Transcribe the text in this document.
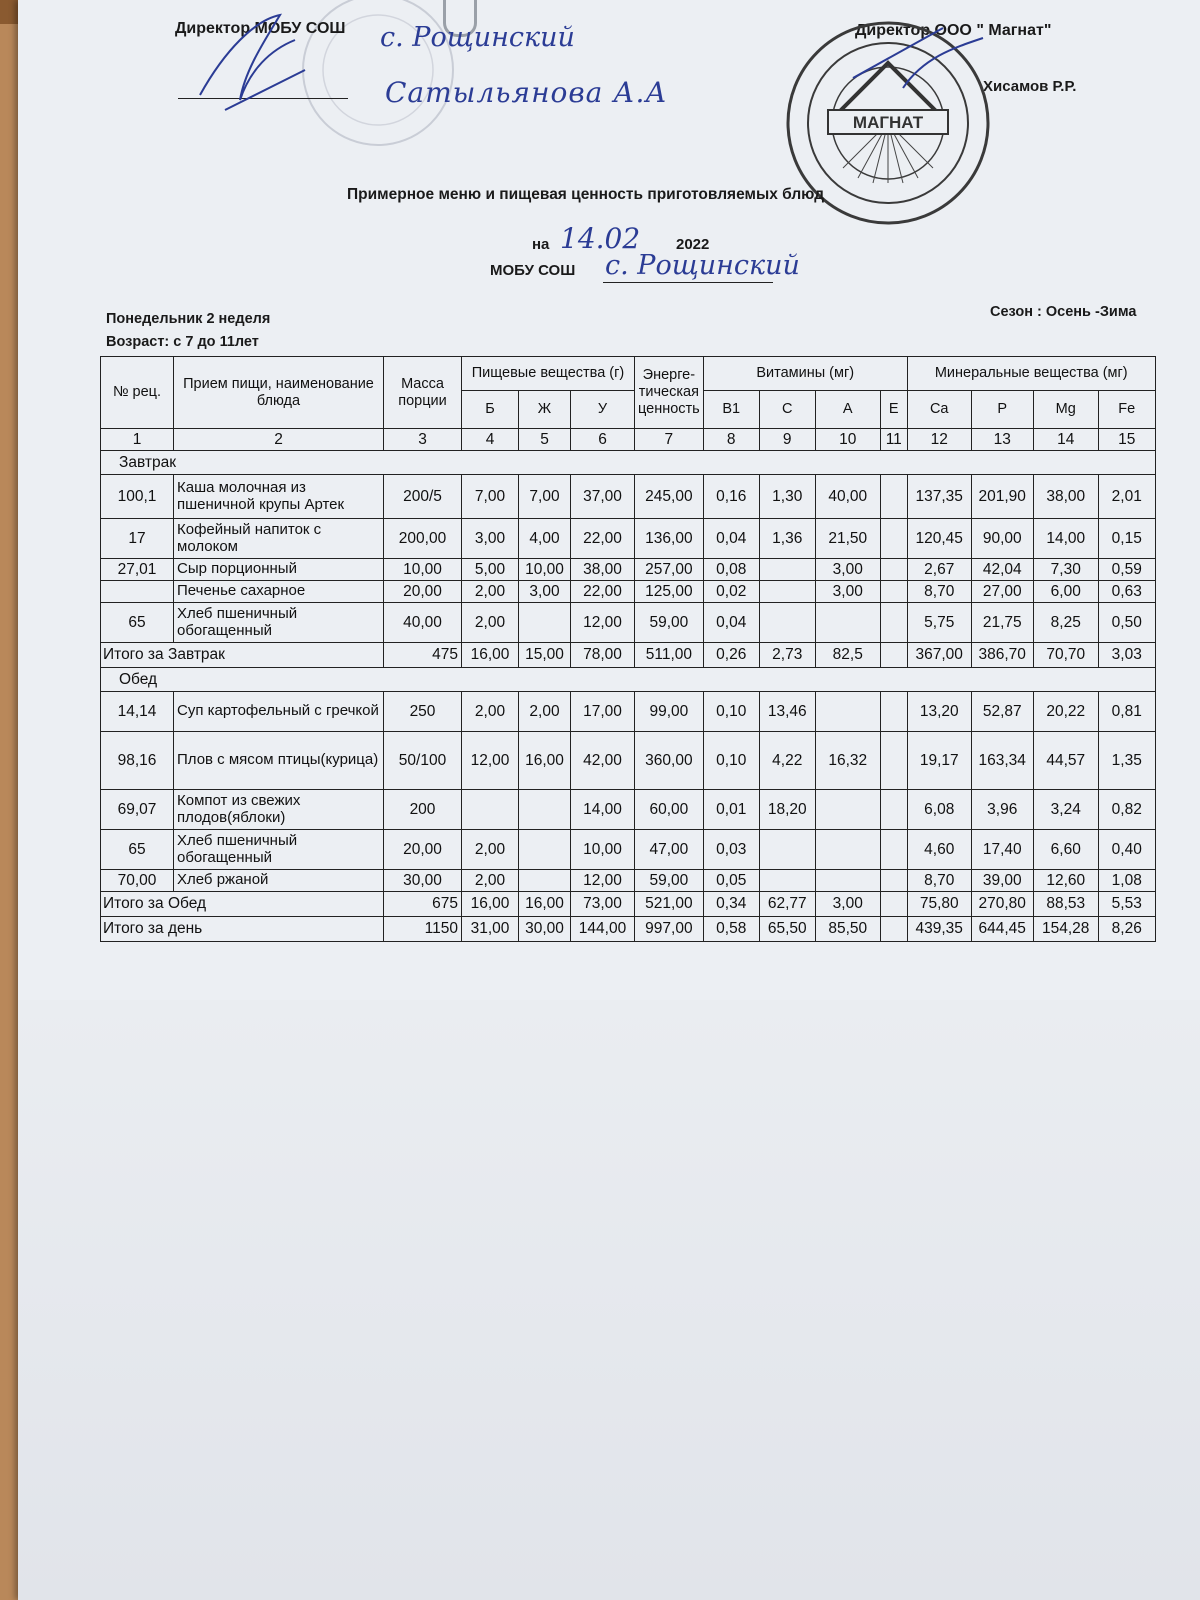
Директор МОБУ СОШ с. Рощинский
Сатыльянова А.А
Директор ООО " Магнат"
Хисамов Р.Р.
МАГНАТ
Примерное меню и пищевая ценность приготовляемых блюд
на 14.02 2022
МОБУ СОШ с. Рощинский
Понедельник 2 неделя	Сезон : Осень -Зима
Возраст: с 7 до 11лет
№ рец.	Прием пищи, наименование блюда	Масса порции	Пищевые вещества (г)			Энерге-тическая ценность	Витамины (мг)				Минеральные вещества (мг)			
			Б	Ж	У		В1	С	А	Е	Ca	P	Mg	Fe
1	2	3	4	5	6	7	8	9	10	11	12	13	14	15
Завтрак														
100,1	Каша молочная из пшеничной крупы Артек	200/5	7,00	7,00	37,00	245,00	0,16	1,30	40,00		137,35	201,90	38,00	2,01
17	Кофейный напиток с молоком	200,00	3,00	4,00	22,00	136,00	0,04	1,36	21,50		120,45	90,00	14,00	0,15
27,01	Сыр порционный	10,00	5,00	10,00	38,00	257,00	0,08		3,00		2,67	42,04	7,30	0,59
	Печенье сахарное	20,00	2,00	3,00	22,00	125,00	0,02		3,00		8,70	27,00	6,00	0,63
65	Хлеб пшеничный обогащенный	40,00	2,00		12,00	59,00	0,04				5,75	21,75	8,25	0,50
Итого за Завтрак		475	16,00	15,00	78,00	511,00	0,26	2,73	82,5		367,00	386,70	70,70	3,03
Обед														
14,14	Суп картофельный с гречкой	250	2,00	2,00	17,00	99,00	0,10	13,46			13,20	52,87	20,22	0,81
98,16	Плов с мясом птицы(курица)	50/100	12,00	16,00	42,00	360,00	0,10	4,22	16,32		19,17	163,34	44,57	1,35
69,07	Компот из свежих плодов(яблоки)	200			14,00	60,00	0,01	18,20			6,08	3,96	3,24	0,82
65	Хлеб пшеничный обогащенный	20,00	2,00		10,00	47,00	0,03				4,60	17,40	6,60	0,40
70,00	Хлеб ржаной	30,00	2,00		12,00	59,00	0,05				8,70	39,00	12,60	1,08
Итого за Обед		675	16,00	16,00	73,00	521,00	0,34	62,77	3,00		75,80	270,80	88,53	5,53
Итого за день		1150	31,00	30,00	144,00	997,00	0,58	65,50	85,50		439,35	644,45	154,28	8,26
